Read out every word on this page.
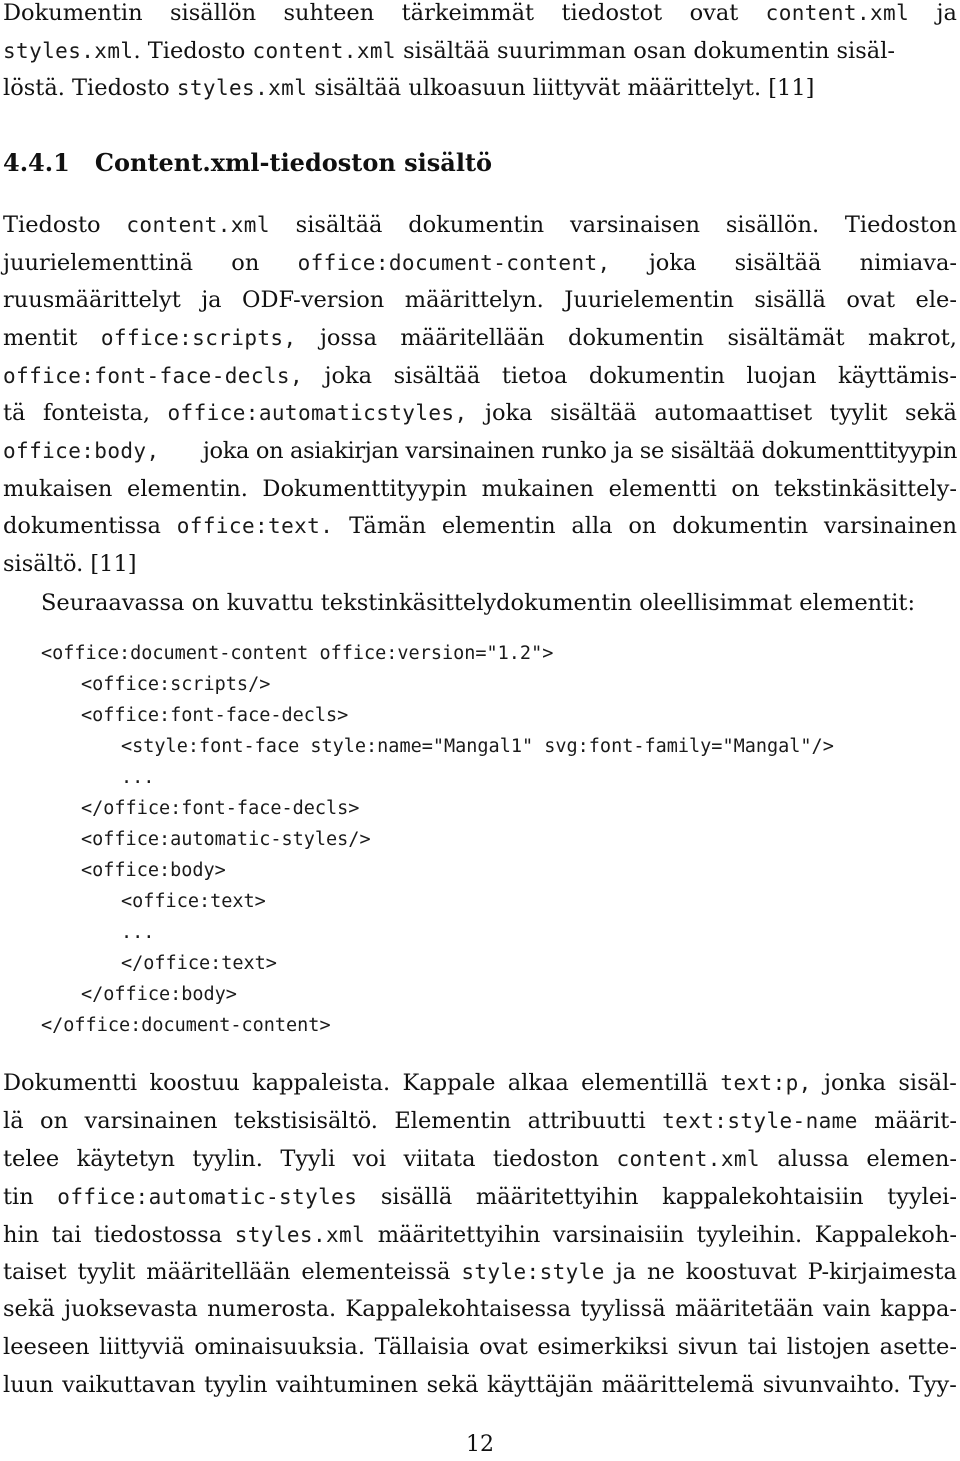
Dokumentin sisällön suhteen tärkeimmät tiedostot ovat content.xml ja
styles.xml. Tiedosto content.xml sisältää suurimman osan dokumentin sisäl-
löstä. Tiedosto styles.xml sisältää ulkoasuun liittyvät määrittelyt. [11]
4.4.1 Content.xml-tiedoston sisältö
Tiedosto content.xml sisältää dokumentin varsinaisen sisällön. Tiedoston
juurielementtinä on office:document-content, joka sisältää nimiava-
ruusmäärittelyt ja ODF-version määrittelyn. Juurielementin sisällä ovat ele-
mentit office:scripts, jossa määritellään dokumentin sisältämät makrot,
office:font-face-decls, joka sisältää tietoa dokumentin luojan käyttämis-
tä fonteista, office:automaticstyles, joka sisältää automaattiset tyylit sekä
office:body, joka on asiakirjan varsinainen runko ja se sisältää dokumenttityypin
mukaisen elementin. Dokumenttityypin mukainen elementti on tekstinkäsittely-
dokumentissa office:text. Tämän elementin alla on dokumentin varsinainen
sisältö. [11]
Seuraavassa on kuvattu tekstinkäsittelydokumentin oleellisimmat elementit:
<office:document-content office:version="1.2">
<office:scripts/>
<office:font-face-decls>
<style:font-face style:name="Mangal1" svg:font-family="Mangal"/>
...
</office:font-face-decls>
<office:automatic-styles/>
<office:body>
<office:text>
...
</office:text>
</office:body>
</office:document-content>
Dokumentti koostuu kappaleista. Kappale alkaa elementillä text:p, jonka sisäl-
lä on varsinainen tekstisisältö. Elementin attribuutti text:style-name määrit-
telee käytetyn tyylin. Tyyli voi viitata tiedoston content.xml alussa elemen-
tin office:automatic-styles sisällä määritettyihin kappalekohtaisiin tyylei-
hin tai tiedostossa styles.xml määritettyihin varsinaisiin tyyleihin. Kappalekoh-
taiset tyylit määritellään elementeissä style:style ja ne koostuvat P-kirjaimesta
sekä juoksevasta numerosta. Kappalekohtaisessa tyylissä määritetään vain kappa-
leeseen liittyviä ominaisuuksia. Tällaisia ovat esimerkiksi sivun tai listojen asette-
luun vaikuttavan tyylin vaihtuminen sekä käyttäjän määrittelemä sivunvaihto. Tyy-
12
